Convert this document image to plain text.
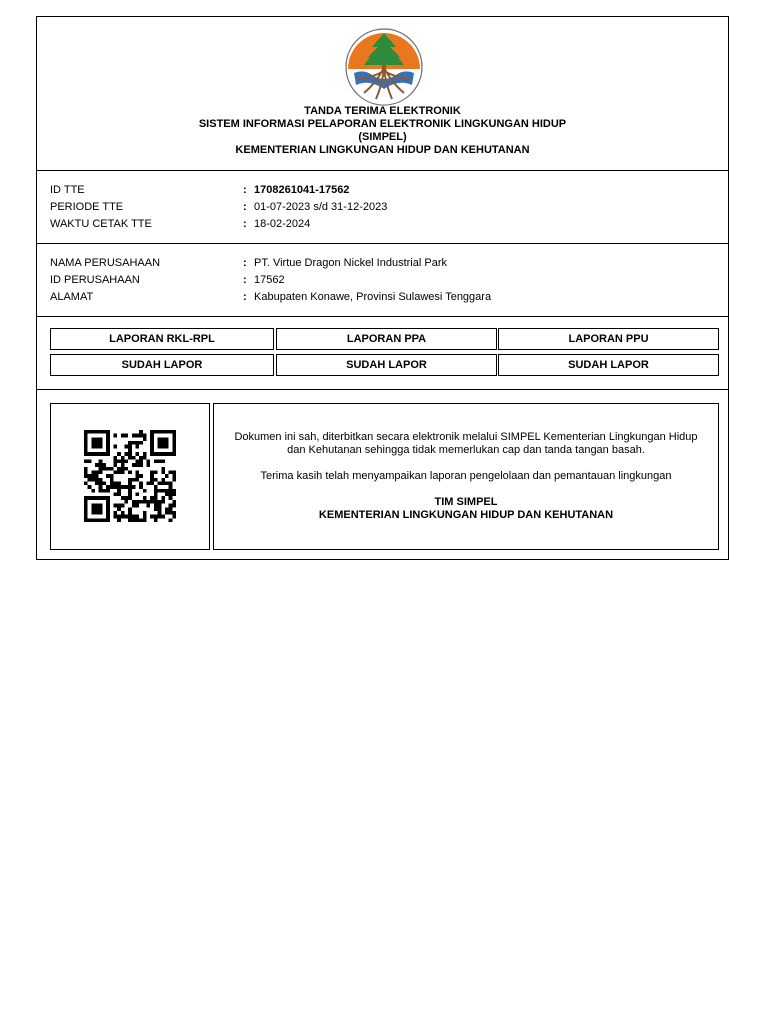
TANDA TERIMA ELEKTRONIK
SISTEM INFORMASI PELAPORAN ELEKTRONIK LINGKUNGAN HIDUP
(SIMPEL)
KEMENTERIAN LINGKUNGAN HIDUP DAN KEHUTANAN
ID TTE	: 1708261041-17562
PERIODE TTE	: 01-07-2023 s/d 31-12-2023
WAKTU CETAK TTE	: 18-02-2024
NAMA PERUSAHAAN	: PT. Virtue Dragon Nickel Industrial Park
ID PERUSAHAAN	: 17562
ALAMAT	: Kabupaten Konawe, Provinsi Sulawesi Tenggara
LAPORAN RKL-RPL	LAPORAN PPA	LAPORAN PPU
SUDAH LAPOR	SUDAH LAPOR	SUDAH LAPOR
Dokumen ini sah, diterbitkan secara elektronik melalui SIMPEL Kementerian Lingkungan Hidup
dan Kehutanan sehingga tidak memerlukan cap dan tanda tangan basah.
Terima kasih telah menyampaikan laporan pengelolaan dan pemantauan lingkungan
TIM SIMPEL
KEMENTERIAN LINGKUNGAN HIDUP DAN KEHUTANAN
